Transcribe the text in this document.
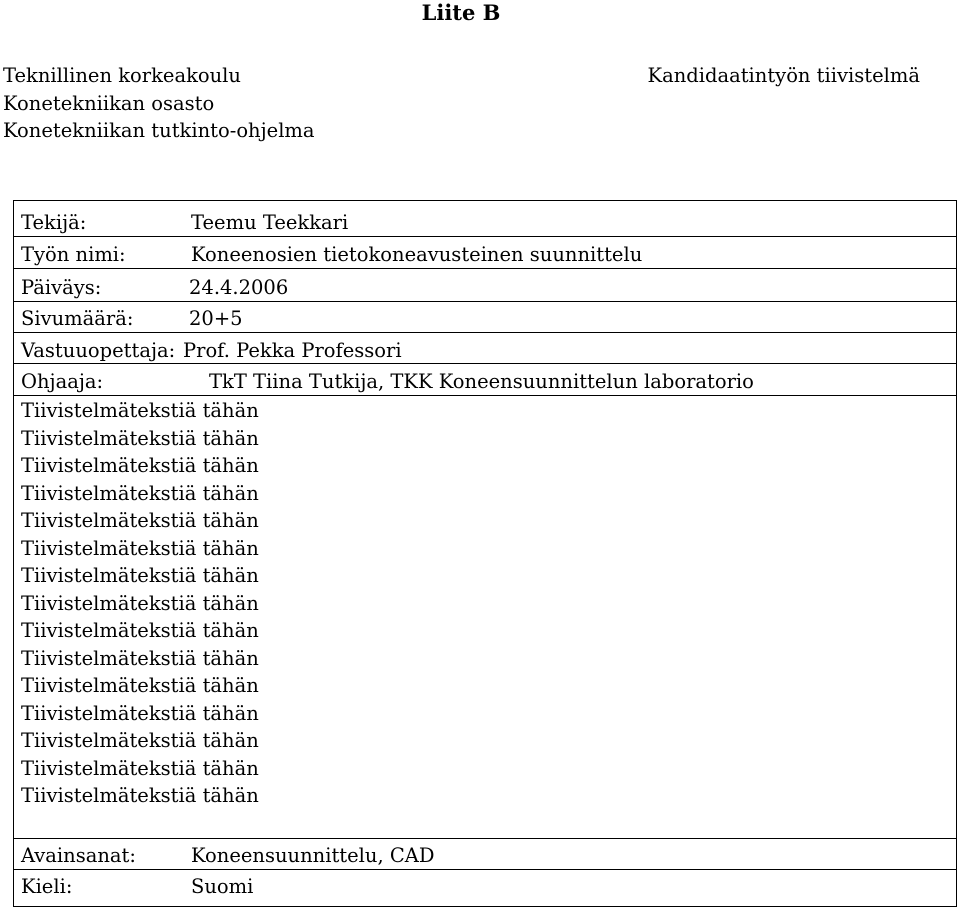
Liite B
Teknillinen korkeakoulu
Konetekniikan osasto
Konetekniikan tutkinto-ohjelma
Kandidaatintyön tiivistelmä
Tekijä:	Teemu Teekkari
Työn nimi:	Koneenosien tietokoneavusteinen suunnittelu
Päiväys:	24.4.2006
Sivumäärä:	20+5
Vastuuopettaja: Prof. Pekka Professori
Ohjaaja:	TkT Tiina Tutkija, TKK Koneensuunnittelun laboratorio
Tiivistelmätekstiä tähän
Tiivistelmätekstiä tähän
Tiivistelmätekstiä tähän
Tiivistelmätekstiä tähän
Tiivistelmätekstiä tähän
Tiivistelmätekstiä tähän
Tiivistelmätekstiä tähän
Tiivistelmätekstiä tähän
Tiivistelmätekstiä tähän
Tiivistelmätekstiä tähän
Tiivistelmätekstiä tähän
Tiivistelmätekstiä tähän
Tiivistelmätekstiä tähän
Tiivistelmätekstiä tähän
Tiivistelmätekstiä tähän
Avainsanat:	Koneensuunnittelu, CAD
Kieli:	Suomi
